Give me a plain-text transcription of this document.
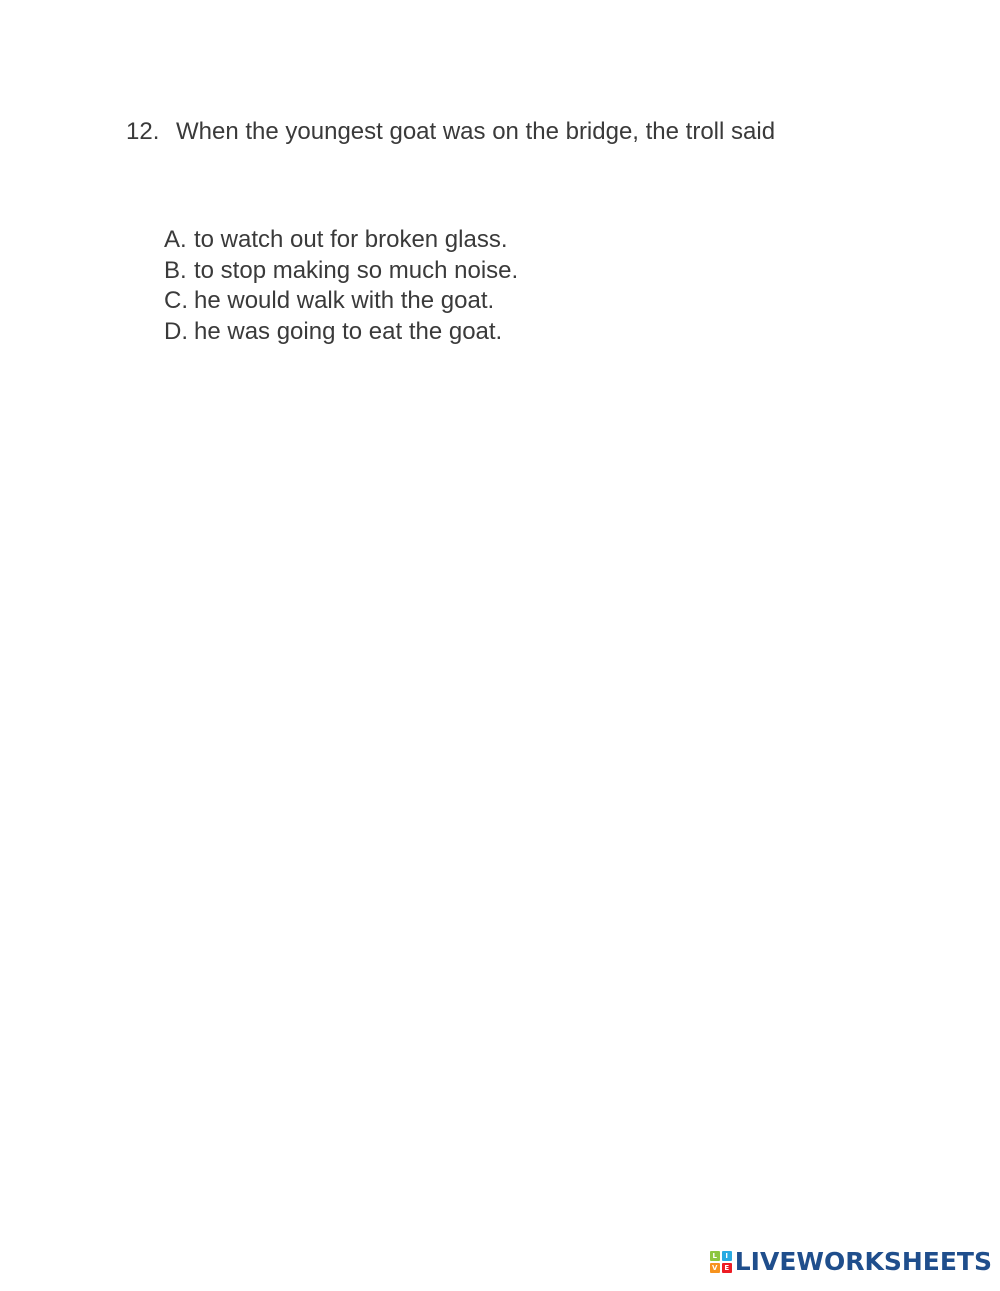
12. When the youngest goat was on the bridge, the troll said
A. to watch out for broken glass.
B. to stop making so much noise.
C. he would walk with the goat.
D. he was going to eat the goat.
L	I
V E LIVEWORKSHEETS
